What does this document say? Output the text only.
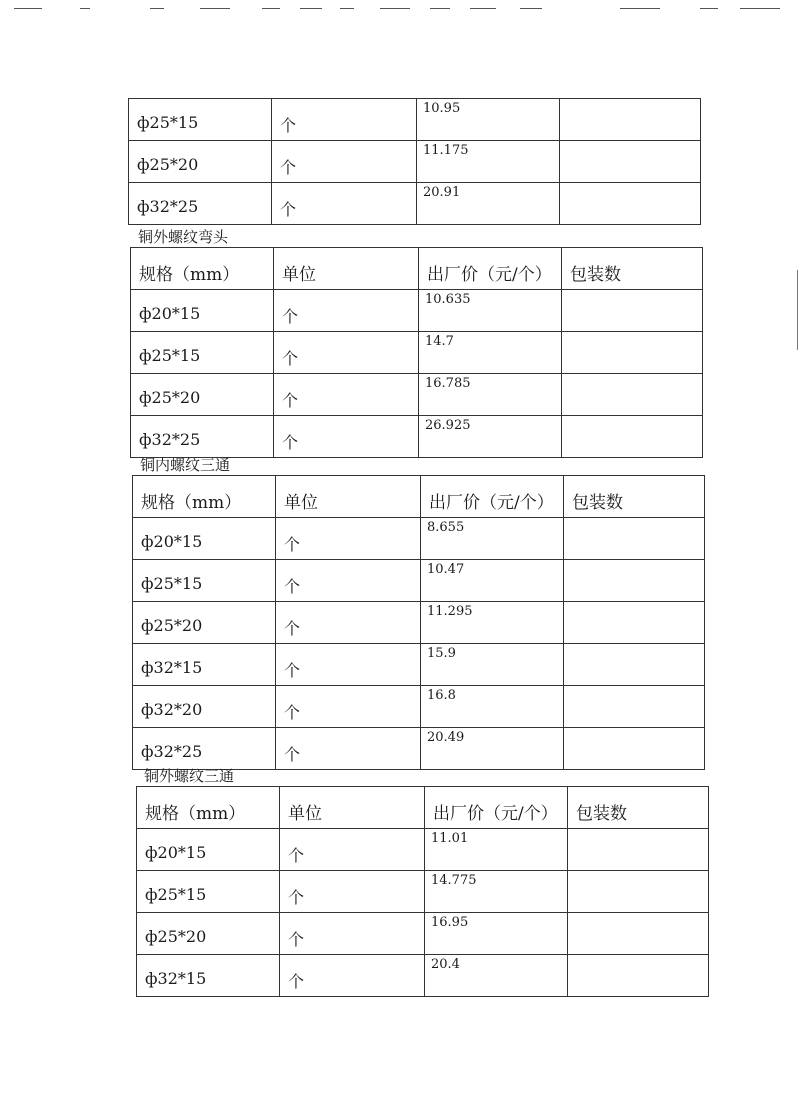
ф25*15	个	10.95	

ф25*20	个	11.175	

ф32*25	个	20.91	

铜外螺纹弯头
规格（mm）	单位	出厂价（元/个）	包装数

ф20*15	个	10.635	

ф25*15	个	14.7	

ф25*20	个	16.785	

ф32*25	个	26.925	

铜内螺纹三通
规格（mm）	单位	出厂价（元/个）	包装数

ф20*15	个	8.655	

ф25*15	个	10.47	

ф25*20	个	11.295	

ф32*15	个	15.9	

ф32*20	个	16.8	

ф32*25	个	20.49	

铜外螺纹三通
规格（mm）	单位	出厂价（元/个）	包装数

ф20*15	个	11.01	

ф25*15	个	14.775	

ф25*20	个	16.95	

ф32*15	个	20.4	
